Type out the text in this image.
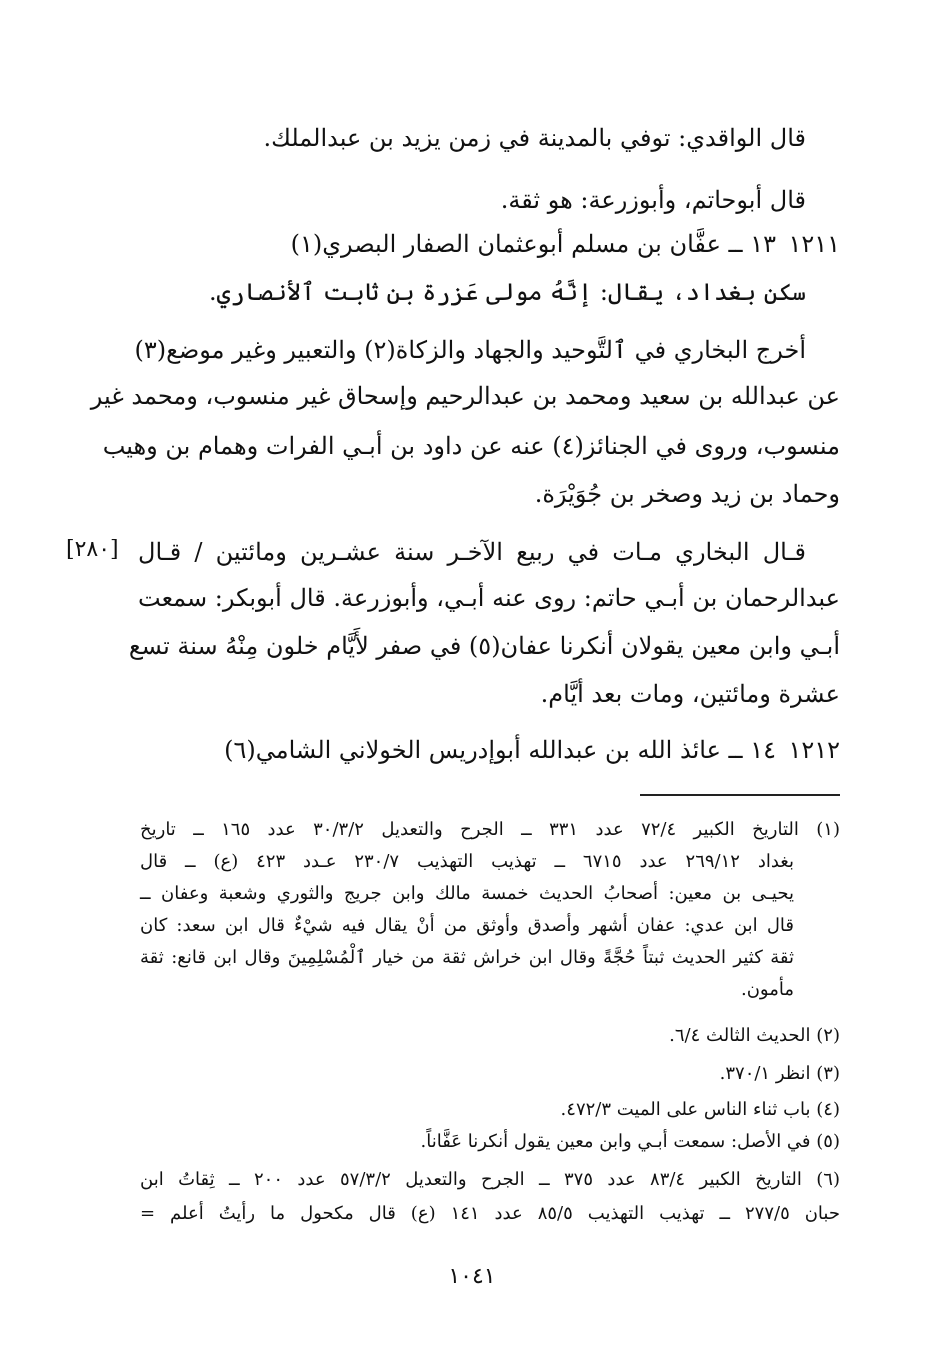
قال الواقدي: توفي بالمدينة في زمن يزيد بن عبدالملك.
قال أبوحاتم، وأبوزرعة: هو ثقة.
١٢١١
١٣ ــ عفَّان بن مسلم أبوعثمان الصفار البصري(١)
سكن بغداد، يقال: إنَّهُ مولى عَزرة بن ثابت ٱلأنصاري.
أخرج البخاري في ٱلتَّوحيد والجهاد والزكاة(٢) والتعبير وغير موضع(٣)
عن عبدالله بن سعيد ومحمد بن عبدالرحيم وإسحاق غير منسوب، ومحمد غير
منسوب، وروى في الجنائز(٤) عنه عن داود بن أبـي الفرات وهمام بن وهيب
وحماد بن زيد وصخر بن جُوَيْرَة.
قـال البخاري مـات في ربيع الآخـر سنة عشـرين ومائتين / قـال
[٢٨٠]
عبدالرحمان بن أبـي حاتم: روى عنه أبـي، وأبوزرعة. قال أبوبكر: سمعت
أبـي وابن معين يقولان أنكرنا عفان(٥) في صفر لأَيَّام خلون مِنْهُ سنة تسع
عشرة ومائتين، ومات بعد أيَّام.
١٢١٢
١٤ ــ عائذ الله بن عبدالله أبوإدريس الخولاني الشامي(٦)
(١) التاريخ الكبير ٧٢/٤ عدد ٣٣١ ــ الجرح والتعديل ٣٠/٣/٢ عدد ١٦٥ ــ تاريخ
بغداد ٢٦٩/١٢ عدد ٦٧١٥ ــ تهذيب التهذيب ٢٣٠/٧ عـدد ٤٢٣ (ع) ــ قال
يحيـى بن معين: أصحابُ الحديث خمسة مالك وابن جريج والثوري وشعبة وعفان ــ
قال ابن عدي: عفان أشهر وأصدق وأوثق من أنْ يقال فيه شيْءٌ قال ابن سعد: كان
ثقة كثير الحديث ثبتاً حُجَّةً وقال ابن خراش ثقة من خيار ٱلْمُسْلِمِينَ وقال ابن قانع: ثقة
مأمون.
(٢) الحديث الثالث ٦/٤.
(٣) انظر ٣٧٠/١.
(٤) باب ثناء الناس على الميت ٤٧٢/٣.
(٥) في الأصل: سمعت أبـي وابن معين يقول أنكرنا عَفَّاناً.
(٦) التاريخ الكبير ٨٣/٤ عدد ٣٧٥ ــ الجرح والتعديل ٥٧/٣/٢ عدد ٢٠٠ ــ ثِقاتُ ابن
حبان ٢٧٧/٥ ــ تهذيب التهذيب ٨٥/٥ عدد ١٤١ (ع) قال مكحول ما رأيتُ أعلم =
١٠٤١
